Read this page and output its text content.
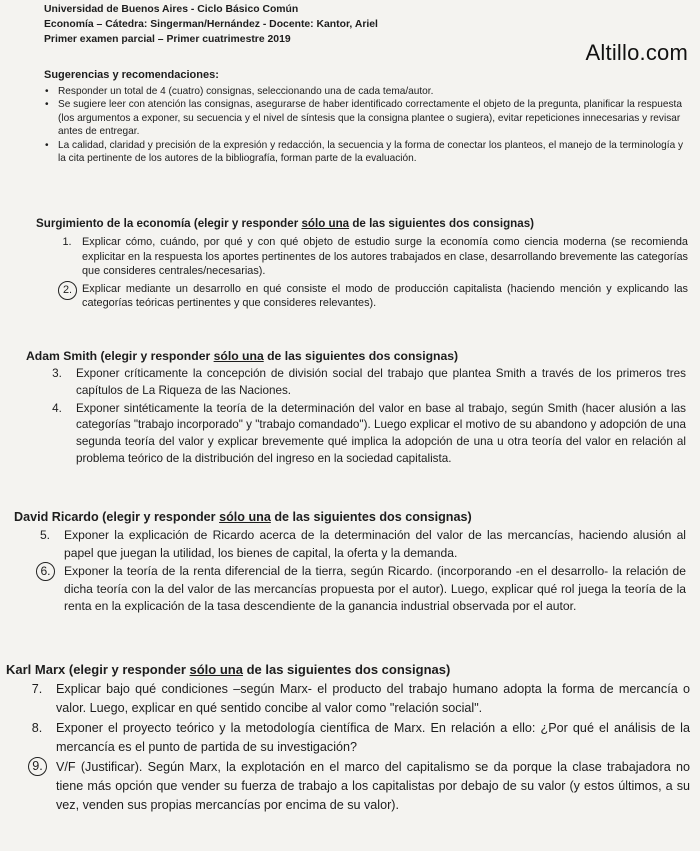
Altillo.com
Universidad de Buenos Aires - Ciclo Básico Común
Economía – Cátedra: Singerman/Hernández - Docente: Kantor, Ariel
Primer examen parcial – Primer cuatrimestre 2019
Sugerencias y recomendaciones:
• Responder un total de 4 (cuatro) consignas, seleccionando una de cada tema/autor.
• Se sugiere leer con atención las consignas, asegurarse de haber identificado correctamente el objeto de la pregunta, planificar la respuesta (los argumentos a exponer, su secuencia y el nivel de síntesis que la consigna plantee o sugiera), evitar repeticiones innecesarias y revisar antes de entregar.
• La calidad, claridad y precisión de la expresión y redacción, la secuencia y la forma de conectar los planteos, el manejo de la terminología y la cita pertinente de los autores de la bibliografía, forman parte de la evaluación.
Surgimiento de la economía (elegir y responder sólo una de las siguientes dos consignas)
1. Explicar cómo, cuándo, por qué y con qué objeto de estudio surge la economía como ciencia moderna (se recomienda explicitar en la respuesta los aportes pertinentes de los autores trabajados en clase, desarrollando brevemente las categorías que consideres centrales/necesarias).
2. Explicar mediante un desarrollo en qué consiste el modo de producción capitalista (haciendo mención y explicando las categorías teóricas pertinentes y que consideres relevantes).
Adam Smith (elegir y responder sólo una de las siguientes dos consignas)
3.	Exponer críticamente la concepción de división social del trabajo que plantea Smith a través de los primeros tres capítulos de La Riqueza de las Naciones.
4.	Exponer sintéticamente la teoría de la determinación del valor en base al trabajo, según Smith (hacer alusión a las categorías "trabajo incorporado" y "trabajo comandado"). Luego explicar el motivo de su abandono y adopción de una segunda teoría del valor y explicar brevemente qué implica la adopción de una u otra teoría del valor en relación al problema teórico de la distribución del ingreso en la sociedad capitalista.
David Ricardo (elegir y responder sólo una de las siguientes dos consignas)
5.	Exponer la explicación de Ricardo acerca de la determinación del valor de las mercancías, haciendo alusión al papel que juegan la utilidad, los bienes de capital, la oferta y la demanda.
6.	Exponer la teoría de la renta diferencial de la tierra, según Ricardo. (incorporando -en el desarrollo- la relación de dicha teoría con la del valor de las mercancías propuesta por el autor). Luego, explicar qué rol juega la teoría de la renta en la explicación de la tasa descendiente de la ganancia industrial observada por el autor.
Karl Marx (elegir y responder sólo una de las siguientes dos consignas)
7.	Explicar bajo qué condiciones –según Marx- el producto del trabajo humano adopta la forma de mercancía o valor. Luego, explicar en qué sentido concibe al valor como "relación social".
8.	Exponer el proyecto teórico y la metodología científica de Marx. En relación a ello: ¿Por qué el análisis de la mercancía es el punto de partida de su investigación?
9.	V/F (Justificar). Según Marx, la explotación en el marco del capitalismo se da porque la clase trabajadora no tiene más opción que vender su fuerza de trabajo a los capitalistas por debajo de su valor (y estos últimos, a su vez, venden sus propias mercancías por encima de su valor).
